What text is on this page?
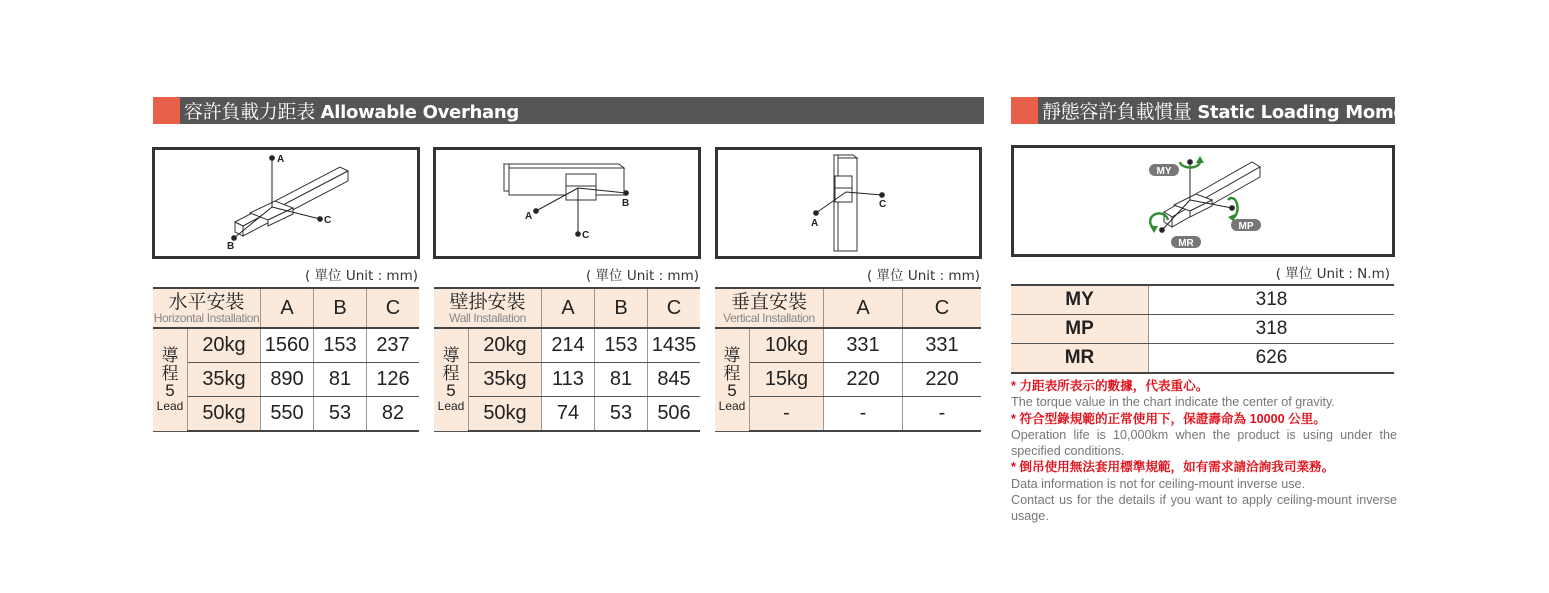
容許負載力距表 Allowable Overhang	靜態容許負載慣量 Static Loading Moment
A
C
B
B
C
A
C
A
MY
MP
MR
( 單位 Unit : mm)	( 單位 Unit : mm)	( 單位 Unit : mm)	( 單位 Unit : N.m)
水平安裝
Horizontal Installation		A	B	C

導程5
Lead	20kg	1560	153	237
	35kg	890	81	126
	50kg	550	53	82
壁掛安裝
Wall Installation		A	B	C

導程5
Lead	20kg	214	153	1435
	35kg	113	81	845
	50kg	74	53	506
垂直安裝
Vertical Installation		A	C

導程5
Lead	10kg	331	331
	15kg	220	220
	-	-	-
MY	318
MP	318
MR	626
* 力距表所表示的數據，代表重心。
The torque value in the chart indicate the center of gravity.
* 符合型錄規範的正常使用下，保證壽命為 10000 公里。
Operation life is 10,000km when the product is using under the specified conditions.
* 倒吊使用無法套用標準規範，如有需求請洽詢我司業務。
Data information is not for ceiling-mount inverse use.
Contact us for the details if you want to apply ceiling-mount inverse usage.
